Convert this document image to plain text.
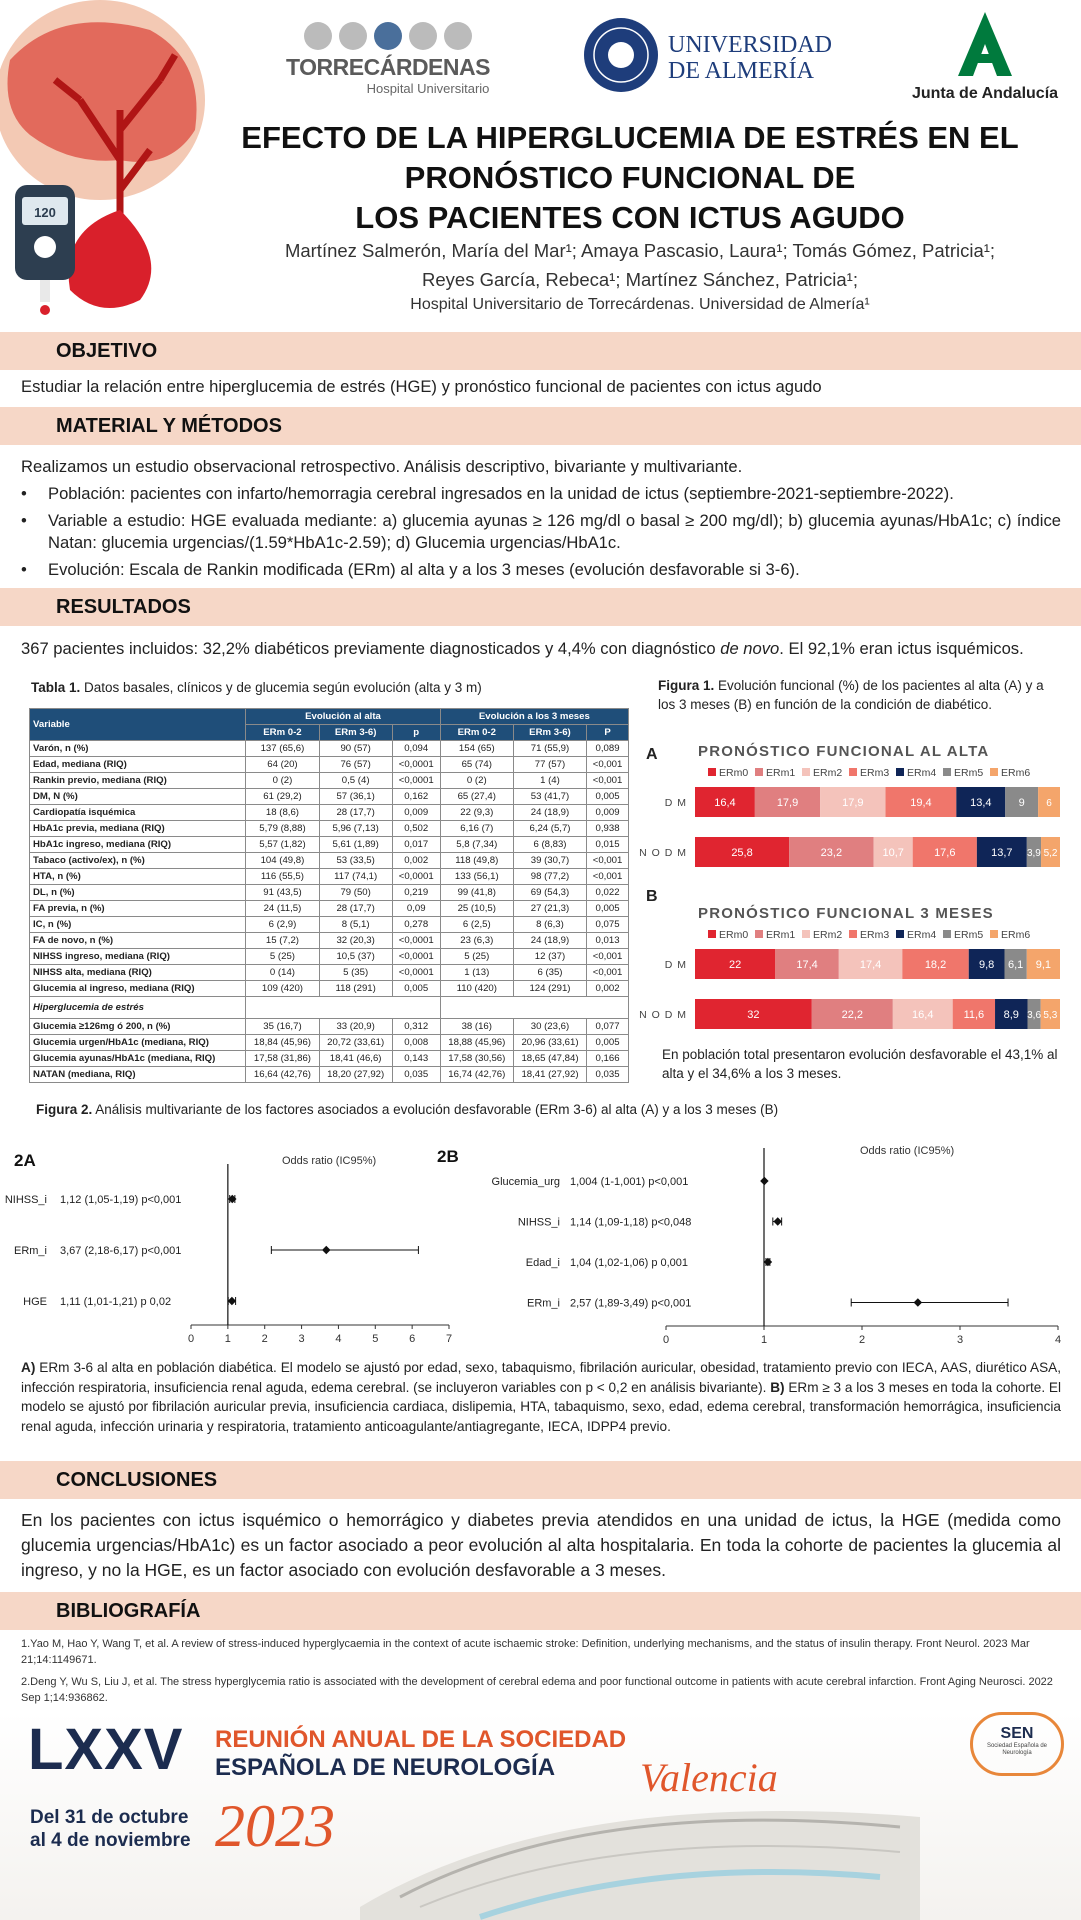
120
TORRECÁRDENAS
Hospital Universitario
UNIVERSIDAD
DE ALMERÍA
Junta de Andalucía
EFECTO DE LA HIPERGLUCEMIA DE ESTRÉS EN EL
PRONÓSTICO FUNCIONAL DE
LOS PACIENTES CON ICTUS AGUDO
Martínez Salmerón, María del Mar¹; Amaya Pascasio, Laura¹; Tomás Gómez, Patricia¹;
Reyes García, Rebeca¹; Martínez Sánchez, Patricia¹;
Hospital Universitario de Torrecárdenas. Universidad de Almería¹
OBJETIVO
Estudiar la relación entre hiperglucemia de estrés (HGE) y pronóstico funcional de pacientes con ictus agudo
MATERIAL Y MÉTODOS
Realizamos un estudio observacional retrospectivo. Análisis descriptivo, bivariante y multivariante.
• Población: pacientes con infarto/hemorragia cerebral ingresados en la unidad de ictus (septiembre-2021-septiembre-2022).
• Variable a estudio: HGE evaluada mediante: a) glucemia ayunas ≥ 126 mg/dl o basal ≥ 200 mg/dl); b) glucemia ayunas/HbA1c; c) índice Natan: glucemia urgencias/(1.59*HbA1c-2.59); d) Glucemia urgencias/HbA1c.
• Evolución: Escala de Rankin modificada (ERm) al alta y a los 3 meses (evolución desfavorable si 3-6).
RESULTADOS
367 pacientes incluidos: 32,2% diabéticos previamente diagnosticados y 4,4% con diagnóstico de novo. El 92,1% eran ictus isquémicos.
Tabla 1. Datos basales, clínicos y de glucemia según evolución (alta y 3 m)
Variable	Evolución al alta			Evolución a los 3 meses		
	ERm 0-2	ERm 3-6)	p	ERm 0-2	ERm 3-6)	P
Varón, n (%)	137 (65,6)	90 (57)	0,094	154 (65)	71 (55,9)	0,089
Edad, mediana (RIQ)	64 (20)	76 (57)	<0,0001	65 (74)	77 (57)	<0,001
Rankin previo, mediana (RIQ)	0 (2)	0,5 (4)	<0,0001	0 (2)	1 (4)	<0,001
DM, N (%)	61 (29,2)	57 (36,1)	0,162	65 (27,4)	53 (41,7)	0,005
Cardiopatía isquémica	18 (8,6)	28 (17,7)	0,009	22 (9,3)	24 (18,9)	0,009
HbA1c previa, mediana (RIQ)	5,79 (8,88)	5,96 (7,13)	0,502	6,16 (7)	6,24 (5,7)	0,938
HbA1c ingreso, mediana (RIQ)	5,57 (1,82)	5,61 (1,89)	0,017	5,8 (7,34)	6 (8,83)	0,015
Tabaco (activo/ex), n (%)	104 (49,8)	53 (33,5)	0,002	118 (49,8)	39 (30,7)	<0,001
HTA, n (%)	116 (55,5)	117 (74,1)	<0,0001	133 (56,1)	98 (77,2)	<0,001
DL, n (%)	91 (43,5)	79 (50)	0,219	99 (41,8)	69 (54,3)	0,022
FA previa, n (%)	24 (11,5)	28 (17,7)	0,09	25 (10,5)	27 (21,3)	0,005
IC, n (%)	6 (2,9)	8 (5,1)	0,278	6 (2,5)	8 (6,3)	0,075
FA de novo, n (%)	15 (7,2)	32 (20,3)	<0,0001	23 (6,3)	24 (18,9)	0,013
NIHSS ingreso, mediana (RIQ)	5 (25)	10,5 (37)	<0,0001	5 (25)	12 (37)	<0,001
NIHSS alta, mediana (RIQ)	0 (14)	5 (35)	<0,0001	1 (13)	6 (35)	<0,001
Glucemia al ingreso, mediana (RIQ)	109 (420)	118 (291)	0,005	110 (420)	124 (291)	0,002
Hiperglucemia de estrés						
Glucemia ≥126mg ó 200, n (%)	35 (16,7)	33 (20,9)	0,312	38 (16)	30 (23,6)	0,077
Glucemia urgen/HbA1c (mediana, RIQ)	18,84 (45,96)	20,72 (33,61)	0,008	18,88 (45,96)	20,96 (33,61)	0,005
Glucemia ayunas/HbA1c (mediana, RIQ)	17,58 (31,86)	18,41 (46,6)	0,143	17,58 (30,56)	18,65 (47,84)	0,166
NATAN (mediana, RIQ)	16,64 (42,76)	18,20 (27,92)	0,035	16,74 (42,76)	18,41 (27,92)	0,035
Figura 1. Evolución funcional (%) de los pacientes al alta (A) y a los 3 meses (B) en función de la condición de diabético.
A
B
PRONÓSTICO FUNCIONAL AL ALTA
ERm0 ERm1 ERm2 ERm3 ERm4 ERm5 ERm6
D M 16,4	17,9	17,9	19,4	13,4 9 6
N O D M	25,8	23,2	10,7	17,6	13,7 3,9 5,2
PRONÓSTICO FUNCIONAL 3 MESES
ERm0 ERm1 ERm2 ERm3 ERm4 ERm5 ERm6
D M	22	17,4	17,4	18,2	9,8 6,1 9,1
N O D M	32	22,2	16,4	11,6 8,9 3,6 5,3
En población total presentaron evolución desfavorable el 43,1% al alta y el 34,6% a los 3 meses.
Figura 2. Análisis multivariante de los factores asociados a evolución desfavorable (ERm 3-6) al alta (A) y a los 3 meses (B)
2A	Odds ratio (IC95%)
0	1	2	3	4	5	6	7
NIHSS_i 1,12 (1,05-1,19) p<0,001
ERm_i 3,67 (2,18-6,17) p<0,001
HGE 1,11 (1,01-1,21) p 0,02
2B	Odds ratio (IC95%)
0	1	2	3	4
Glucemia_urg 1,004 (1-1,001) p<0,001
NIHSS_i 1,14 (1,09-1,18) p<0,048
Edad_i 1,04 (1,02-1,06) p 0,001
ERm_i 2,57 (1,89-3,49) p<0,001
A) ERm 3-6 al alta en población diabética. El modelo se ajustó por edad, sexo, tabaquismo, fibrilación auricular, obesidad, tratamiento previo con IECA, AAS, diurético ASA, infección respiratoria, insuficiencia renal aguda, edema cerebral. (se incluyeron variables con p < 0,2 en análisis bivariante). B) ERm ≥ 3 a los 3 meses en toda la cohorte. El modelo se ajustó por fibrilación auricular previa, insuficiencia cardiaca, dislipemia, HTA, tabaquismo, sexo, edad, edema cerebral, transformación hemorrágica, insuficiencia renal aguda, infección urinaria y respiratoria, tratamiento anticoagulante/antiagregante, IECA, IDPP4 previo.
CONCLUSIONES
En los pacientes con ictus isquémico o hemorrágico y diabetes previa atendidos en una unidad de ictus, la HGE (medida como glucemia urgencias/HbA1c) es un factor asociado a peor evolución al alta hospitalaria. En toda la cohorte de pacientes la glucemia al ingreso, y no la HGE, es un factor asociado con evolución desfavorable a 3 meses.
BIBLIOGRAFÍA
1.Yao M, Hao Y, Wang T, et al. A review of stress-induced hyperglycaemia in the context of acute ischaemic stroke: Definition, underlying mechanisms, and the status of insulin therapy. Front Neurol. 2023 Mar 21;14:1149671.
2.Deng Y, Wu S, Liu J, et al. The stress hyperglycemia ratio is associated with the development of cerebral edema and poor functional outcome in patients with acute cerebral infarction. Front Aging Neurosci. 2022 Sep 1;14:936862.
LXXV REUNIÓN ANUAL DE LA SOCIEDAD
ESPAÑOLA DE NEUROLOGÍA Valencia
Del 31 de octubre
al 4 de noviembre 2023
SEN
Sociedad Española de Neurología
